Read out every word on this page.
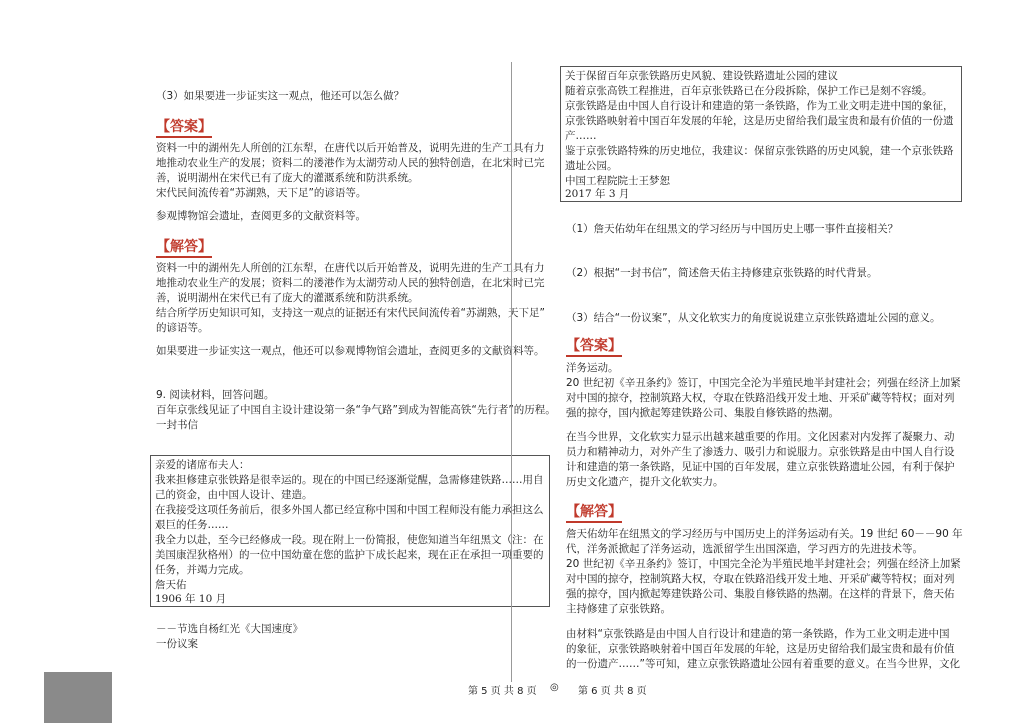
（3）如果要进一步证实这一观点，他还可以怎么做？
【答案】
资料一中的湖州先人所创的江东犁，在唐代以后开始普及，说明先进的生产工具有力
地推动农业生产的发展；资料二的溇港作为太湖劳动人民的独特创造，在北宋时已完
善，说明湖州在宋代已有了庞大的灌溉系统和防洪系统。
宋代民间流传着“苏湖熟，天下足”的谚语等。
参观博物馆会遗址，查阅更多的文献资料等。
【解答】
资料一中的湖州先人所创的江东犁，在唐代以后开始普及，说明先进的生产工具有力
地推动农业生产的发展；资料二的溇港作为太湖劳动人民的独特创造，在北宋时已完
善，说明湖州在宋代已有了庞大的灌溉系统和防洪系统。
结合所学历史知识可知，支持这一观点的证据还有宋代民间流传着“苏湖熟，天下足”
的谚语等。
如果要进一步证实这一观点，他还可以参观博物馆会遗址，查阅更多的文献资料等。
9. 阅读材料，回答问题。
百年京张线见证了中国自主设计建设第一条“争气路”到成为智能高铁“先行者”的历程。
一封书信
亲爱的诸席布夫人：
我来担修建京张铁路是很幸运的。现在的中国已经逐渐觉醒，急需修建铁路……用自
己的资金，由中国人设计、建造。
在我接受这项任务前后，很多外国人都已经宣称中国和中国工程师没有能力承担这么
艰巨的任务……
我全力以赴，至今已经修成一段。现在附上一份简报，使您知道当年纽黑文（注：在
美国康涅狄格州）的一位中国幼童在您的监护下成长起来，现在正在承担一项重要的
任务，并竭力完成。
詹天佑
1906 年 10 月
－－节选自杨红光《大国速度》
一份议案
关于保留百年京张铁路历史风貌、建设铁路遗址公园的建议
随着京张高铁工程推进，百年京张铁路已在分段拆除，保护工作已是刻不容缓。
京张铁路是由中国人自行设计和建造的第一条铁路，作为工业文明走进中国的象征，
京张铁路映射着中国百年发展的年轮，这是历史留给我们最宝贵和最有价值的一份遗
产……
鉴于京张铁路特殊的历史地位，我建议：保留京张铁路的历史风貌，建一个京张铁路
遗址公园。
中国工程院院士王梦恕
2017 年 3 月
（1）詹天佑幼年在纽黑文的学习经历与中国历史上哪一事件直接相关？
（2）根据“一封书信”，简述詹天佑主持修建京张铁路的时代背景。
（3）结合“一份议案”，从文化软实力的角度说说建立京张铁路遗址公园的意义。
【答案】
洋务运动。
20 世纪初《辛丑条约》签订，中国完全沦为半殖民地半封建社会；列强在经济上加紧
对中国的掠夺，控制筑路大权，夺取在铁路沿线开发土地、开采矿藏等特权；面对列
强的掠夺，国内掀起筹建铁路公司、集股自修铁路的热潮。
在当今世界，文化软实力显示出越来越重要的作用。文化因素对内发挥了凝聚力、动
员力和精神动力，对外产生了渗透力、吸引力和说服力。京张铁路是由中国人自行设
计和建造的第一条铁路，见证中国的百年发展，建立京张铁路遗址公园，有利于保护
历史文化遗产，提升文化软实力。
【解答】
詹天佑幼年在纽黑文的学习经历与中国历史上的洋务运动有关。19 世纪 60－－90 年
代，洋务派掀起了洋务运动，选派留学生出国深造，学习西方的先进技术等。
20 世纪初《辛丑条约》签订，中国完全沦为半殖民地半封建社会；列强在经济上加紧
对中国的掠夺，控制筑路大权，夺取在铁路沿线开发土地、开采矿藏等特权；面对列
强的掠夺，国内掀起筹建铁路公司、集股自修铁路的热潮。在这样的背景下，詹天佑
主持修建了京张铁路。
由材料“京张铁路是由中国人自行设计和建造的第一条铁路，作为工业文明走进中国
的象征，京张铁路映射着中国百年发展的年轮，这是历史留给我们最宝贵和最有价值
的一份遗产……”等可知，建立京张铁路遗址公园有着重要的意义。在当今世界，文化
第 5 页 共 8 页 ◎ 第 6 页 共 8 页
